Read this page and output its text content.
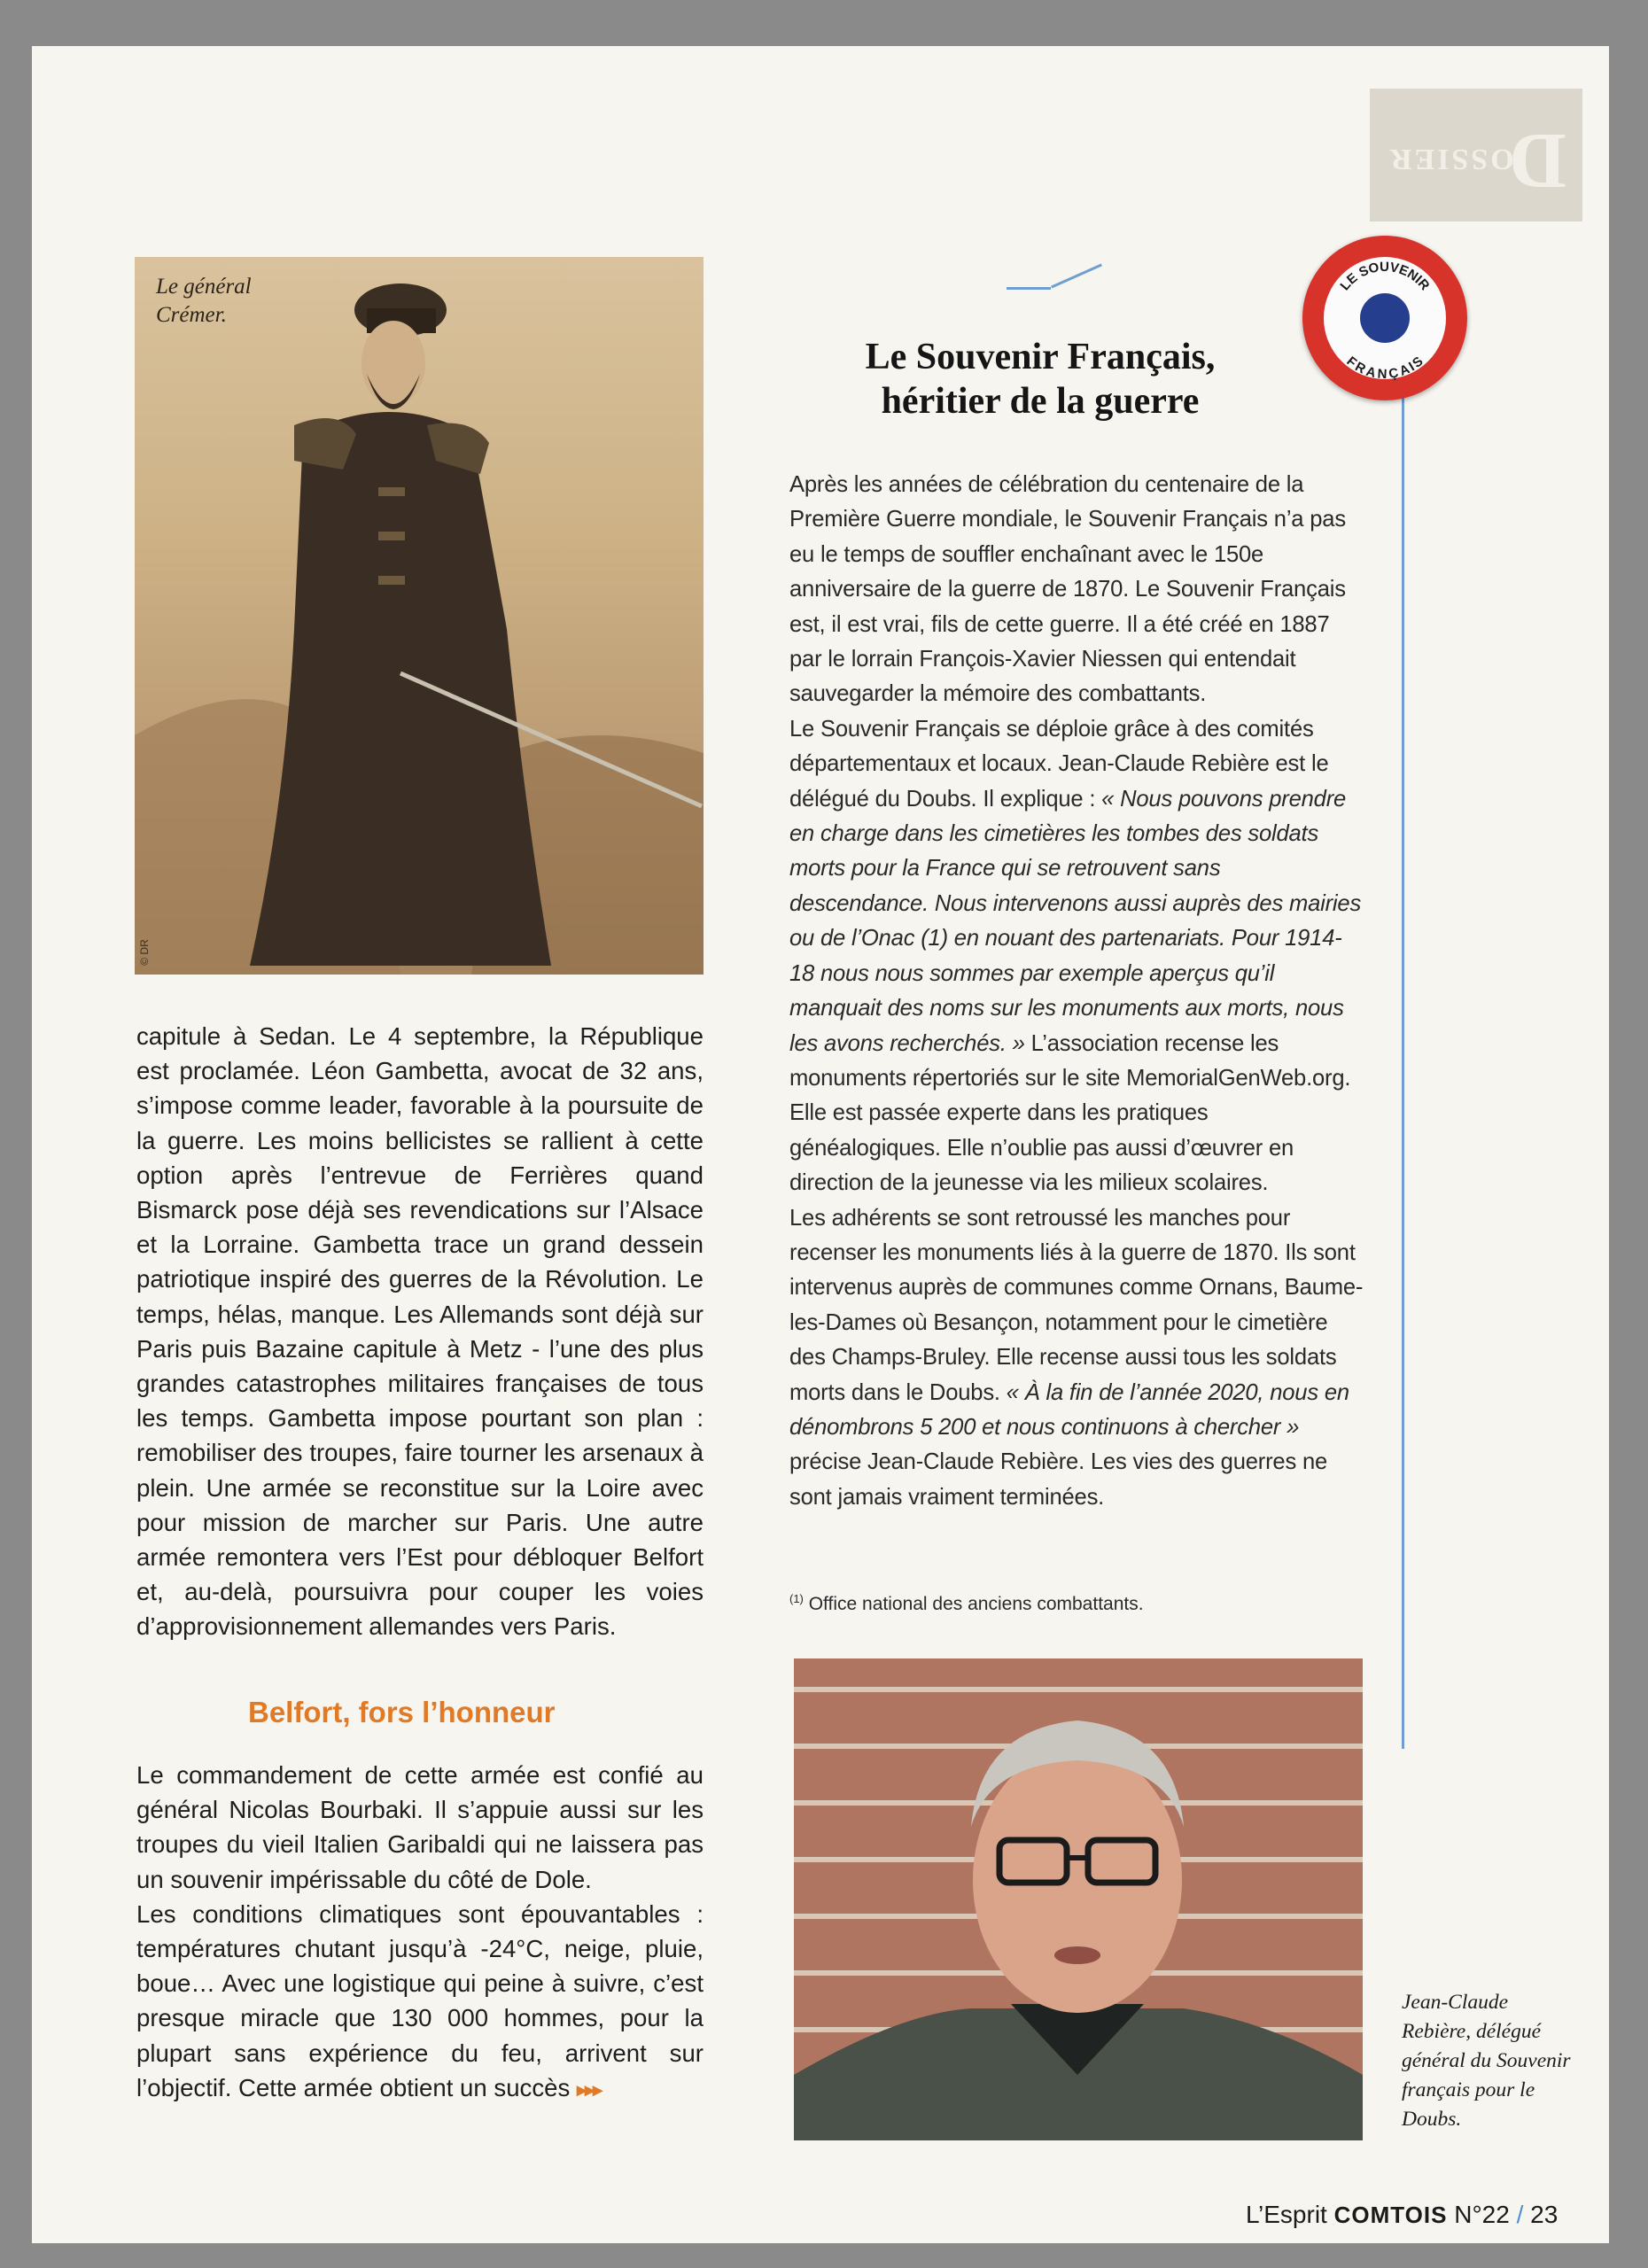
D
OSSIER
Le général Crémer.
© DR

capitule à Sedan. Le 4 septembre, la République est proclamée. Léon Gambetta, avocat de 32 ans, s’impose comme leader, favorable à la poursuite de la guerre. Les moins bellicistes se rallient à cette option après l’entrevue de Ferrières quand Bismarck pose déjà ses revendications sur l’Alsace et la Lorraine. Gambetta trace un grand dessein patriotique inspiré des guerres de la Révolution. Le temps, hélas, manque. Les Allemands sont déjà sur Paris puis Bazaine capitule à Metz - l’une des plus grandes catastrophes militaires françaises de tous les temps. Gambetta impose pourtant son plan : remobiliser des troupes, faire tourner les arsenaux à plein. Une armée se reconstitue sur la Loire avec pour mission de marcher sur Paris. Une autre armée remontera vers l’Est pour débloquer Belfort et, au-delà, poursuivra pour couper les voies d’approvisionnement allemandes vers Paris.

Belfort, fors l’honneur
Le commandement de cette armée est confié au général Nicolas Bourbaki. Il s’appuie aussi sur les troupes du vieil Italien Garibaldi qui ne laissera pas un souvenir impérissable du côté de Dole.
Les conditions climatiques sont épouvantables : températures chutant jusqu’à -24°C, neige, pluie, boue… Avec une logistique qui peine à suivre, c’est presque miracle que 130 000 hommes, pour la plupart sans expérience du feu, arrivent sur l’objectif. Cette armée obtient un succès ▸▸▸
LE SOUVENIR
FRANÇAIS
Le Souvenir Français,
héritier de la guerre

Après les années de célébration du centenaire de la Première Guerre mondiale, le Souvenir Français n’a pas eu le temps de souffler enchaînant avec le 150e anniversaire de la guerre de 1870. Le Souvenir Français est, il est vrai, fils de cette guerre. Il a été créé en 1887 par le lorrain François-Xavier Niessen qui entendait sauvegarder la mémoire des combattants.

Le Souvenir Français se déploie grâce à des comités départementaux et locaux. Jean-Claude Rebière est le délégué du Doubs. Il explique : « Nous pouvons prendre en charge dans les cimetières les tombes des soldats morts pour la France qui se retrouvent sans descendance. Nous intervenons aussi auprès des mairies ou de l’Onac (1) en nouant des partenariats. Pour 1914-18 nous nous sommes par exemple aperçus qu’il manquait des noms sur les monuments aux morts, nous les avons recherchés. » L’association recense les monuments répertoriés sur le site MemorialGenWeb.org. Elle est passée experte dans les pratiques généalogiques. Elle n’oublie pas aussi d’œuvrer en direction de la jeunesse via les milieux scolaires.

Les adhérents se sont retroussé les manches pour recenser les monuments liés à la guerre de 1870. Ils sont intervenus auprès de communes comme Ornans, Baume-les-Dames où Besançon, notamment pour le cimetière des Champs-Bruley. Elle recense aussi tous les soldats morts dans le Doubs. « À la fin de l’année 2020, nous en dénombrons 5 200 et nous continuons à chercher » précise Jean-Claude Rebière. Les vies des guerres ne sont jamais vraiment terminées.

$^{(1)}$ Office national des anciens combattants.
Jean-Claude Rebière, délégué général du Souvenir français pour le Doubs.
L’Esprit COMTOIS N°22 / 23
